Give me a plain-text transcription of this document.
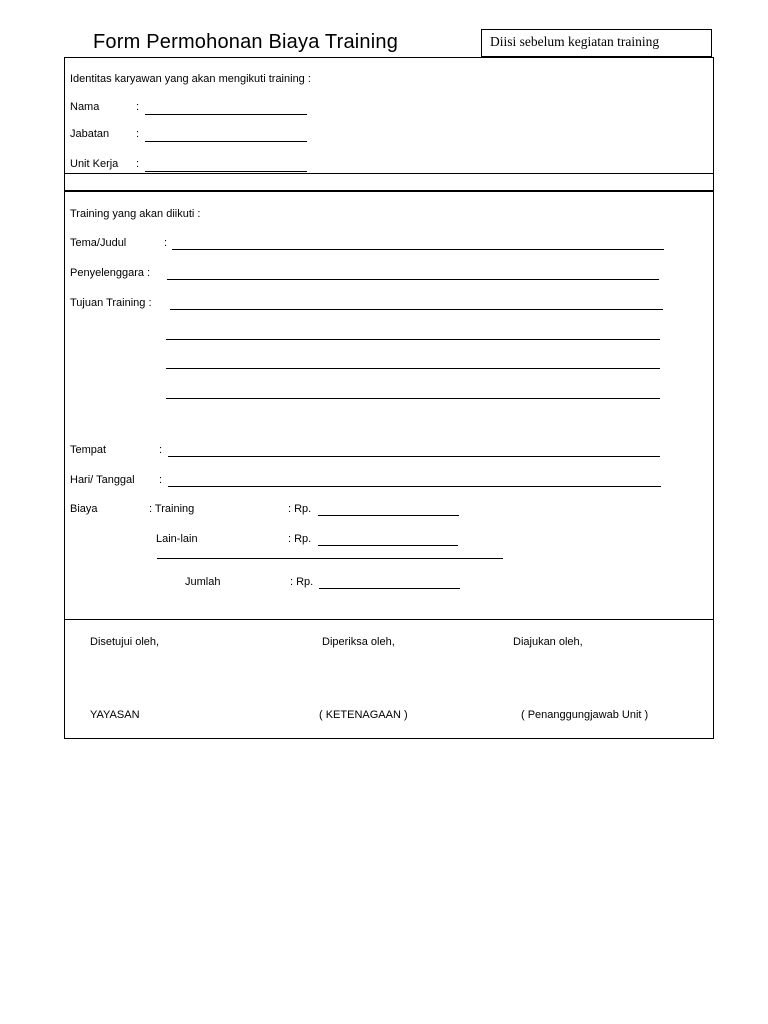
Form Permohonan Biaya Training	Diisi sebelum kegiatan training
Identitas karyawan yang akan mengikuti training :
Nama	:
Jabatan :
Unit Kerja :
Training yang akan diikuti :
Tema/Judul	:
Penyelenggara :
Tujuan Training :
Tempat	:
Hari/ Tanggal :
Biaya	: Training	: Rp.
Lain-lain	: Rp.
Jumlah	: Rp.
Disetujui oleh,	Diperiksa oleh,	Diajukan oleh,
YAYASAN	( KETENAGAAN )	( Penanggungjawab Unit )
